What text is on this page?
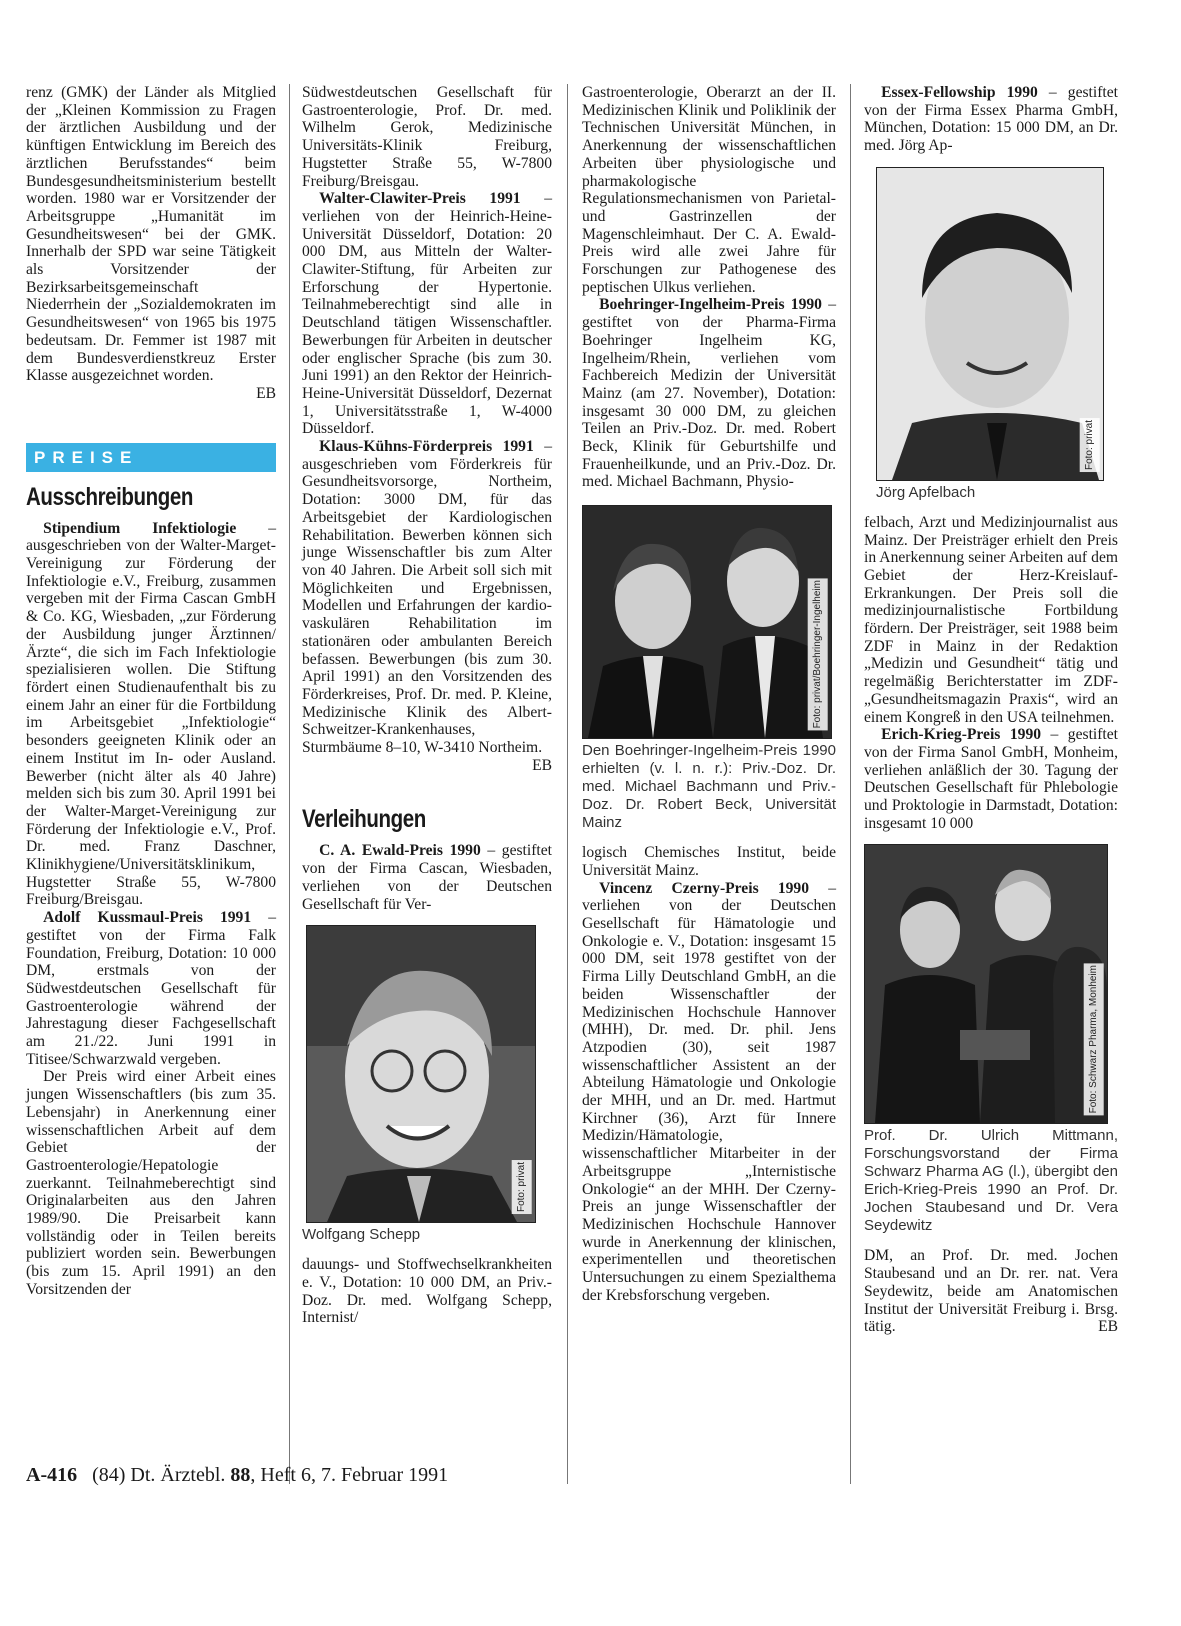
renz (GMK) der Länder als Mitglied der „Kleinen Kommission zu Fragen der ärztlichen Ausbildung und der künftigen Entwicklung im Bereich des ärztlichen Berufsstandes“ beim Bundesgesundheitsministerium bestellt worden. 1980 war er Vorsitzender der Arbeitsgruppe „Humanität im Gesundheitswesen“ bei der GMK. Innerhalb der SPD war seine Tätigkeit als Vorsitzender der Bezirksarbeitsgemeinschaft Niederrhein der „Sozialdemokraten im Gesundheitswesen“ von 1965 bis 1975 bedeutsam. Dr. Femmer ist 1987 mit dem Bundesverdienstkreuz Erster Klasse ausgezeichnet worden.

EB

PREISE
Ausschreibungen

Stipendium Infektiologie – ausgeschrieben von der Walter-Marget-Vereinigung zur Förderung der Infektiologie e.V., Freiburg, zusammen vergeben mit der Firma Cascan GmbH & Co. KG, Wiesbaden, „zur Förderung der Ausbildung junger Ärztinnen/Ärzte“, die sich im Fach Infektiologie spezialisieren wollen. Die Stiftung fördert einen Studienaufenthalt bis zu einem Jahr an einer für die Fortbildung im Arbeitsgebiet „Infektiologie“ besonders geeigneten Klinik oder an einem Institut im In- oder Ausland. Bewerber (nicht älter als 40 Jahre) melden sich bis zum 30. April 1991 bei der Walter-Marget-Vereinigung zur Förderung der Infektiologie e.V., Prof. Dr. med. Franz Daschner, Klinikhygiene/Universitätsklinikum, Hugstetter Straße 55, W-7800 Freiburg/Breisgau.

Adolf Kussmaul-Preis 1991 – gestiftet von der Firma Falk Foundation, Freiburg, Dotation: 10 000 DM, erstmals von der Südwestdeutschen Gesellschaft für Gastroenterologie während der Jahrestagung dieser Fachgesellschaft am 21./22. Juni 1991 in Titisee/Schwarzwald vergeben.

Der Preis wird einer Arbeit eines jungen Wissenschaftlers (bis zum 35. Lebensjahr) in Anerkennung einer wissenschaftlichen Arbeit auf dem Gebiet der Gastroenterologie/Hepatologie zuerkannt. Teilnahmeberechtigt sind Originalarbeiten aus den Jahren 1989/90. Die Preisarbeit kann vollständig oder in Teilen bereits publiziert worden sein. Bewerbungen (bis zum 15. April 1991) an den Vorsitzenden der

Südwestdeutschen Gesellschaft für Gastroenterologie, Prof. Dr. med. Wilhelm Gerok, Medizinische Universitäts-Klinik Freiburg, Hugstetter Straße 55, W-7800 Freiburg/Breisgau.

Walter-Clawiter-Preis 1991 – verliehen von der Heinrich-Heine-Universität Düsseldorf, Dotation: 20 000 DM, aus Mitteln der Walter-Clawiter-Stiftung, für Arbeiten zur Erforschung der Hypertonie. Teilnahmeberechtigt sind alle in Deutschland tätigen Wissenschaftler. Bewerbungen für Arbeiten in deutscher oder englischer Sprache (bis zum 30. Juni 1991) an den Rektor der Heinrich-Heine-Universität Düsseldorf, Dezernat 1, Universitätsstraße 1, W-4000 Düsseldorf.

Klaus-Kühns-Förderpreis 1991 – ausgeschrieben vom Förderkreis für Gesundheitsvorsorge, Northeim, Dotation: 3000 DM, für das Arbeitsgebiet der Kardiologischen Rehabilitation. Bewerben können sich junge Wissenschaftler bis zum Alter von 40 Jahren. Die Arbeit soll sich mit Möglichkeiten und Ergebnissen, Modellen und Erfahrungen der kardio-vaskulären Rehabilitation im stationären oder ambulanten Bereich befassen. Bewerbungen (bis zum 30. April 1991) an den Vorsitzenden des Förderkreises, Prof. Dr. med. P. Kleine, Medizinische Klinik des Albert-Schweitzer-Krankenhauses, Sturmbäume 8–10, W-3410 Northeim.

EB

Verleihungen

C. A. Ewald-Preis 1990 – gestiftet von der Firma Cascan, Wiesbaden, verliehen von der Deutschen Gesellschaft für Ver-

Foto: privat
Wolfgang Schepp

dauungs- und Stoffwechselkrankheiten e. V., Dotation: 10 000 DM, an Priv.-Doz. Dr. med. Wolfgang Schepp, Internist/

Gastroenterologie, Oberarzt an der II. Medizinischen Klinik und Poliklinik der Technischen Universität München, in Anerkennung der wissenschaftlichen Arbeiten über physiologische und pharmakologische Regulationsmechanismen von Parietal- und Gastrinzellen der Magenschleimhaut. Der C. A. Ewald-Preis wird alle zwei Jahre für Forschungen zur Pathogenese des peptischen Ulkus verliehen.

Boehringer-Ingelheim-Preis 1990 – gestiftet von der Pharma-Firma Boehringer Ingelheim KG, Ingelheim/Rhein, verliehen vom Fachbereich Medizin der Universität Mainz (am 27. November), Dotation: insgesamt 30 000 DM, zu gleichen Teilen an Priv.-Doz. Dr. med. Robert Beck, Klinik für Geburtshilfe und Frauenheilkunde, und an Priv.-Doz. Dr. med. Michael Bachmann, Physio-

Foto: privat/Boehringer-Ingelheim
Den Boehringer-Ingelheim-Preis 1990 erhielten (v. l. n. r.): Priv.-Doz. Dr. med. Michael Bachmann und Priv.-Doz. Dr. Robert Beck, Universität Mainz

logisch Chemisches Institut, beide Universität Mainz.

Vincenz Czerny-Preis 1990 – verliehen von der Deutschen Gesellschaft für Hämatologie und Onkologie e. V., Dotation: insgesamt 15 000 DM, seit 1978 gestiftet von der Firma Lilly Deutschland GmbH, an die beiden Wissenschaftler der Medizinischen Hochschule Hannover (MHH), Dr. med. Dr. phil. Jens Atzpodien (30), seit 1987 wissenschaftlicher Assistent an der Abteilung Hämatologie und Onkologie der MHH, und an Dr. med. Hartmut Kirchner (36), Arzt für Innere Medizin/Hämatologie, wissenschaftlicher Mitarbeiter in der Arbeitsgruppe „Internistische Onkologie“ an der MHH. Der Czerny-Preis an junge Wissenschaftler der Medizinischen Hochschule Hannover wurde in Anerkennung der klinischen, experimentellen und theoretischen Untersuchungen zu einem Spezialthema der Krebsforschung vergeben.

Essex-Fellowship 1990 – gestiftet von der Firma Essex Pharma GmbH, München, Dotation: 15 000 DM, an Dr. med. Jörg Ap-

Foto: privat
Jörg Apfelbach

felbach, Arzt und Medizinjournalist aus Mainz. Der Preisträger erhielt den Preis in Anerkennung seiner Arbeiten auf dem Gebiet der Herz-Kreislauf-Erkrankungen. Der Preis soll die medizinjournalistische Fortbildung fördern. Der Preisträger, seit 1988 beim ZDF in Mainz in der Redaktion „Medizin und Gesundheit“ tätig und regelmäßig Berichterstatter im ZDF-„Gesundheitsmagazin Praxis“, wird an einem Kongreß in den USA teilnehmen.

Erich-Krieg-Preis 1990 – gestiftet von der Firma Sanol GmbH, Monheim, verliehen anläßlich der 30. Tagung der Deutschen Gesellschaft für Phlebologie und Proktologie in Darmstadt, Dotation: insgesamt 10 000

Foto: Schwarz Pharma, Monheim
Prof. Dr. Ulrich Mittmann, Forschungsvorstand der Firma Schwarz Pharma AG (l.), übergibt den Erich-Krieg-Preis 1990 an Prof. Dr. Jochen Staubesand und Dr. Vera Seydewitz

DM, an Prof. Dr. med. Jochen Staubesand und an Dr. rer. nat. Vera Seydewitz, beide am Anatomischen Institut der Universität Freiburg i. Brsg. tätig.	EB

A-416 (84) Dt. Ärztebl. 88, Heft 6, 7. Februar 1991
